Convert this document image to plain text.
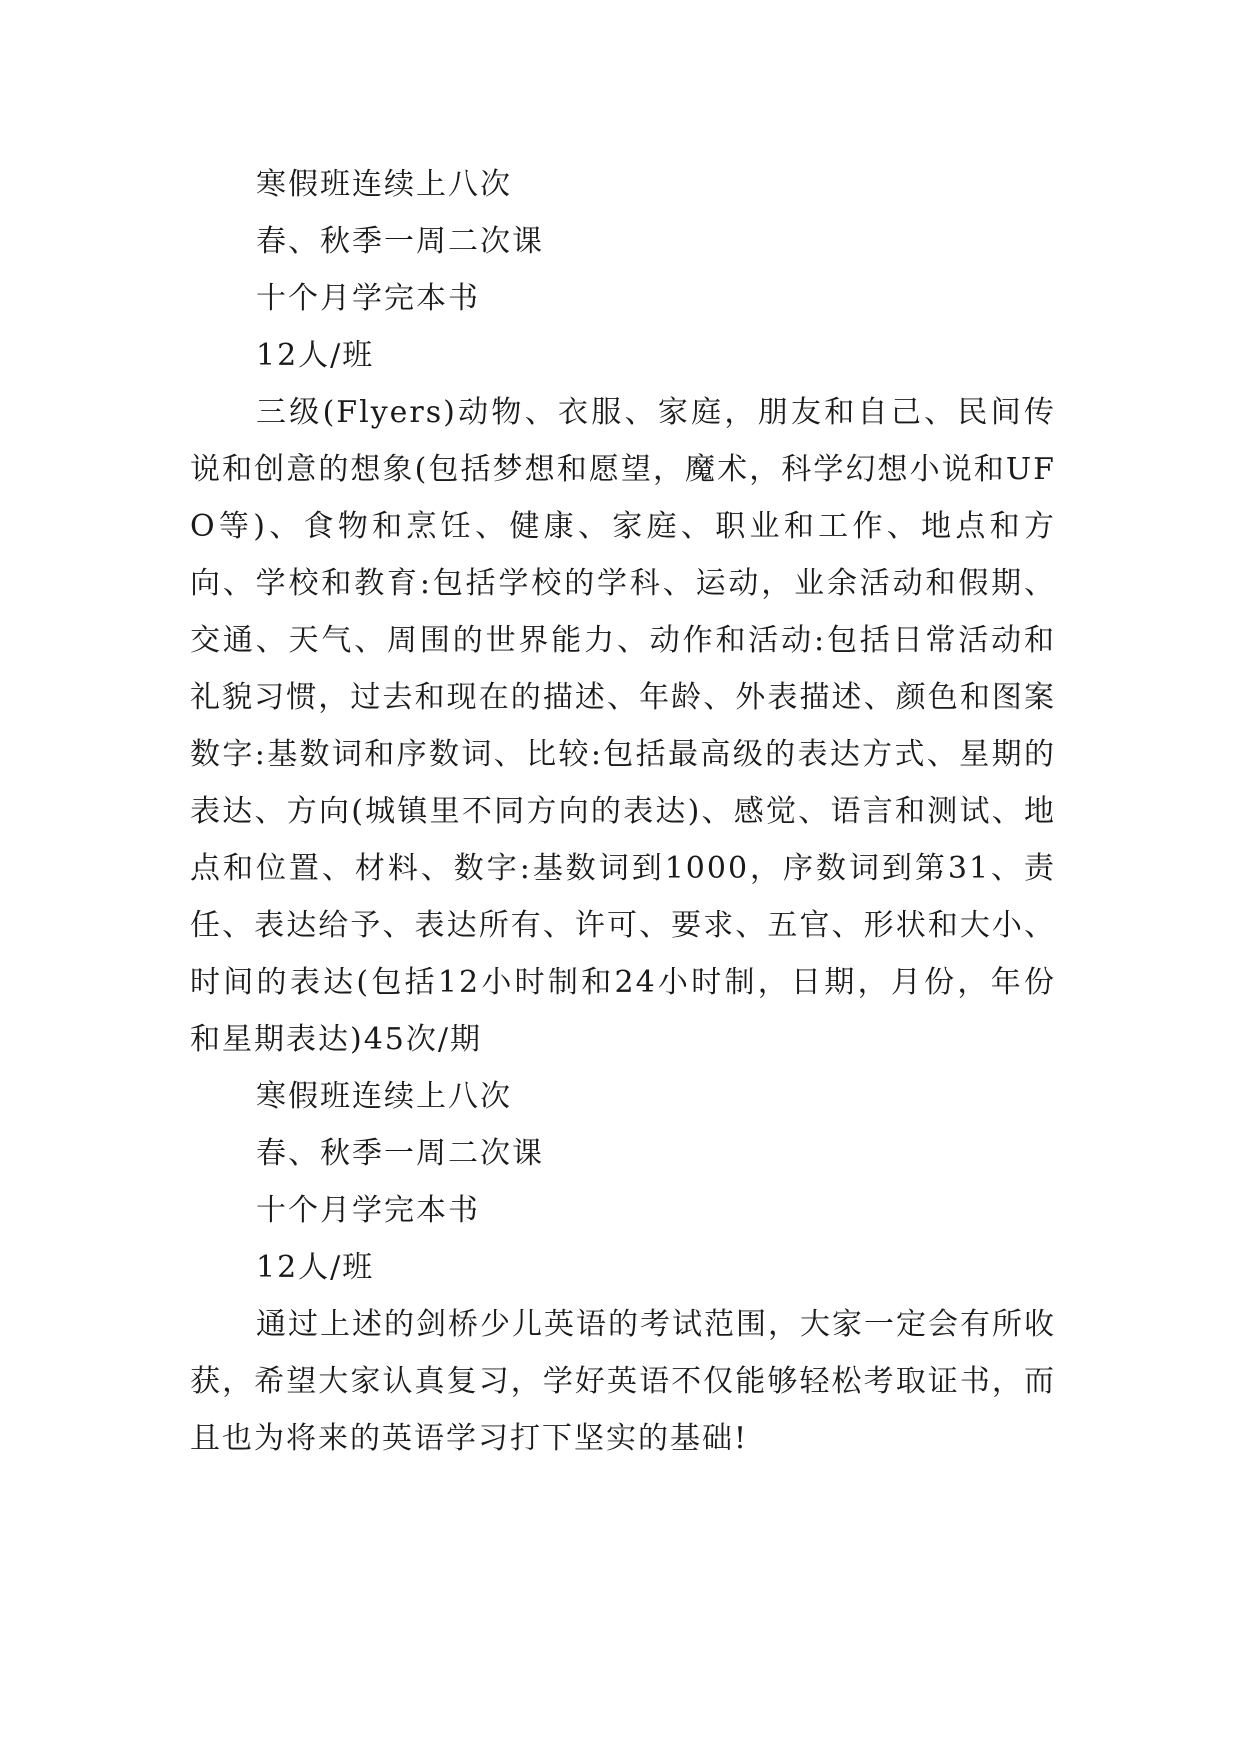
寒假班连续上八次

春、秋季一周二次课

十个月学完本书

12人/班

三级(Flyers)动物、衣服、家庭，朋友和自己、民间传说和创意的想象(包括梦想和愿望，魔术，科学幻想小说和UFO等)、食物和烹饪、健康、家庭、职业和工作、地点和方向、学校和教育:包括学校的学科、运动，业余活动和假期、交通、天气、周围的世界能力、动作和活动:包括日常活动和礼貌习惯，过去和现在的描述、年龄、外表描述、颜色和图案数字:基数词和序数词、比较:包括最高级的表达方式、星期的表达、方向(城镇里不同方向的表达)、感觉、语言和测试、地点和位置、材料、数字:基数词到1000，序数词到第31、责任、表达给予、表达所有、许可、要求、五官、形状和大小、时间的表达(包括12小时制和24小时制，日期，月份，年份和星期表达)45次/期

寒假班连续上八次

春、秋季一周二次课

十个月学完本书

12人/班

通过上述的剑桥少儿英语的考试范围，大家一定会有所收获，希望大家认真复习，学好英语不仅能够轻松考取证书，而且也为将来的英语学习打下坚实的基础!
